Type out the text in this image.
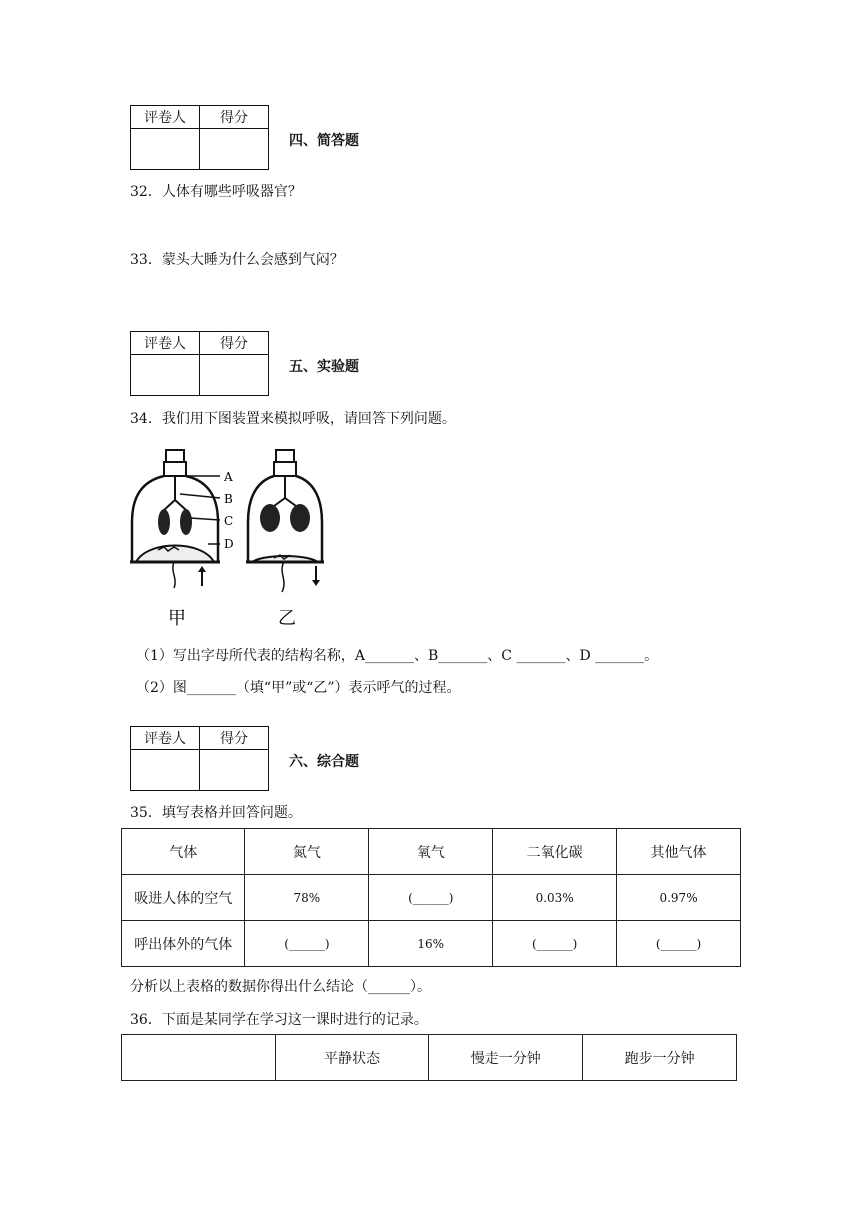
评卷人	得分

四、简答题
32．人体有哪些呼吸器官？
33．蒙头大睡为什么会感到气闷？
评卷人	得分

五、实验题
34．我们用下图装置来模拟呼吸，请回答下列问题。
A
B
C
D
甲	乙
（1）写出字母所代表的结构名称，A_______、B_______、C _______、D _______。
（2）图_______（填“甲”或“乙”）表示呼气的过程。
评卷人	得分

六、综合题
35．填写表格并回答问题。
气体	氮气	氧气	二氧化碳	其他气体
吸进人体的空气	78%	(______)	0.03%	0.97%
呼出体外的气体	(______)	16%	(______)	(______)
分析以上表格的数据你得出什么结论（______）。
36．下面是某同学在学习这一课时进行的记录。
	平静状态	慢走一分钟	跑步一分钟
